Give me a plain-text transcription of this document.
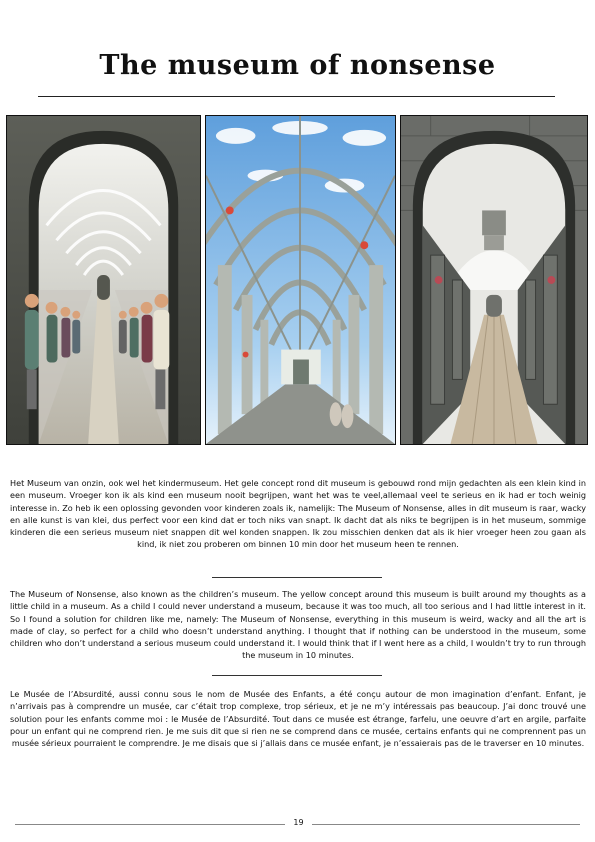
The museum of nonsense

Het Museum van onzin, ook wel het kindermuseum. Het gele concept rond dit museum is gebouwd rond mijn gedachten als een klein kind in een museum. Vroeger kon ik als kind een museum nooit begrijpen, want het was te veel,allemaal veel te serieus en ik had er toch weinig interesse in. Zo heb ik een oplossing gevonden voor kinderen zoals ik, namelijk: The Museum of Nonsense, alles in dit museum is raar, wacky en alle kunst is van klei, dus perfect voor een kind dat er toch niks van snapt. Ik dacht dat als niks te begrijpen is in het museum, sommige kinderen die een serieus museum niet snappen dit wel konden snappen. Ik zou misschien denken dat als ik hier vroeger heen zou gaan als kind, ik niet zou proberen om binnen 10 min door het museum heen te rennen.

The Museum of Nonsense, also known as the children’s museum. The yellow concept around this museum is built around my thoughts as a little child in a museum. As a child I could never understand a museum, because it was too much, all too serious and I had little interest in it. So I found a solution for children like me, namely: The Museum of Nonsense, everything in this museum is weird, wacky and all the art is made of clay, so perfect for a child who doesn’t understand anything. I thought that if nothing can be understood in the museum, some children who don’t understand a serious museum could understand it. I would think that if I went here as a child, I wouldn’t try to run through the museum in 10 minutes.

Le Musée de l’Absurdité, aussi connu sous le nom de Musée des Enfants, a été conçu autour de mon imagination d’enfant. Enfant, je n’arrivais pas à comprendre un musée, car c’était trop complexe, trop sérieux, et je ne m’y intéressais pas beaucoup. J’ai donc trouvé une solution pour les enfants comme moi : le Musée de l’Absurdité. Tout dans ce musée est étrange, farfelu, une oeuvre d’art en argile, parfaite pour un enfant qui ne comprend rien. Je me suis dit que si rien ne se comprend dans ce musée, certains enfants qui ne comprennent pas un musée sérieux pourraient le comprendre. Je me disais que si j’allais dans ce musée enfant, je n’essaierais pas de le traverser en 10 minutes.

19
